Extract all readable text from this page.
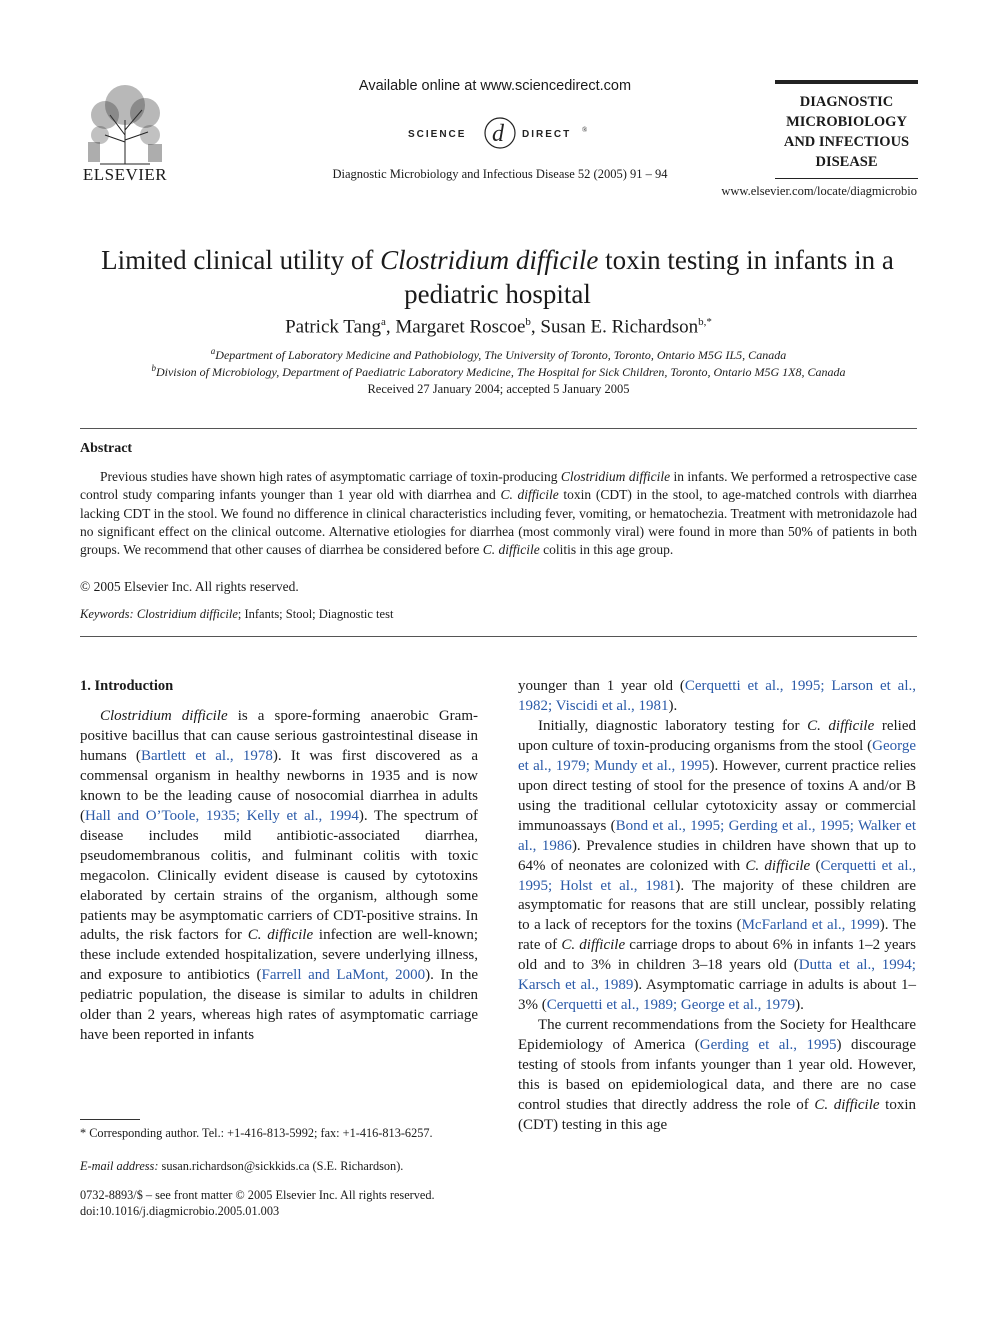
ELSEVIER
Available online at www.sciencedirect.com
SCIENCE d DIRECT ®
Diagnostic Microbiology and Infectious Disease 52 (2005) 91 – 94
DIAGNOSTIC MICROBIOLOGY AND INFECTIOUS DISEASE
www.elsevier.com/locate/diagmicrobio
Limited clinical utility of Clostridium difficile toxin testing in infants in a pediatric hospital
Patrick Tang$^a$, Margaret Roscoe$^b$, Susan E. Richardson$^{b,*}$
$^a$Department of Laboratory Medicine and Pathobiology, The University of Toronto, Toronto, Ontario M5G IL5, Canada
$^b$Division of Microbiology, Department of Paediatric Laboratory Medicine, The Hospital for Sick Children, Toronto, Ontario M5G 1X8, Canada
Received 27 January 2004; accepted 5 January 2005
Abstract
Previous studies have shown high rates of asymptomatic carriage of toxin-producing Clostridium difficile in infants. We performed a retrospective case control study comparing infants younger than 1 year old with diarrhea and C. difficile toxin (CDT) in the stool, to age-matched controls with diarrhea lacking CDT in the stool. We found no difference in clinical characteristics including fever, vomiting, or hematochezia. Treatment with metronidazole had no significant effect on the clinical outcome. Alternative etiologies for diarrhea (most commonly viral) were found in more than 50% of patients in both groups. We recommend that other causes of diarrhea be considered before C. difficile colitis in this age group.
© 2005 Elsevier Inc. All rights reserved.
Keywords: Clostridium difficile; Infants; Stool; Diagnostic test
1. Introduction

Clostridium difficile is a spore-forming anaerobic Gram-positive bacillus that can cause serious gastrointestinal disease in humans (Bartlett et al., 1978). It was first discovered as a commensal organism in healthy newborns in 1935 and is now known to be the leading cause of nosocomial diarrhea in adults (Hall and O’Toole, 1935; Kelly et al., 1994). The spectrum of disease includes mild antibiotic-associated diarrhea, pseudomembranous colitis, and fulminant colitis with toxic megacolon. Clinically evident disease is caused by cytotoxins elaborated by certain strains of the organism, although some patients may be asymptomatic carriers of CDT-positive strains. In adults, the risk factors for C. difficile infection are well-known; these include extended hospitalization, severe underlying illness, and exposure to antibiotics (Farrell and LaMont, 2000). In the pediatric population, the disease is similar to adults in children older than 2 years, whereas high rates of asymptomatic carriage have been reported in infants

younger than 1 year old (Cerquetti et al., 1995; Larson et al., 1982; Viscidi et al., 1981).

Initially, diagnostic laboratory testing for C. difficile relied upon culture of toxin-producing organisms from the stool (George et al., 1979; Mundy et al., 1995). However, current practice relies upon direct testing of stool for the presence of toxins A and/or B using the traditional cellular cytotoxicity assay or commercial immunoassays (Bond et al., 1995; Gerding et al., 1995; Walker et al., 1986). Prevalence studies in children have shown that up to 64% of neonates are colonized with C. difficile (Cerquetti et al., 1995; Holst et al., 1981). The majority of these children are asymptomatic for reasons that are still unclear, possibly relating to a lack of receptors for the toxins (McFarland et al., 1999). The rate of C. difficile carriage drops to about 6% in infants 1–2 years old and to 3% in children 3–18 years old (Dutta et al., 1994; Karsch et al., 1989). Asymptomatic carriage in adults is about 1–3% (Cerquetti et al., 1989; George et al., 1979).

The current recommendations from the Society for Healthcare Epidemiology of America (Gerding et al., 1995) discourage testing of stools from infants younger than 1 year old. However, this is based on epidemiological data, and there are no case control studies that directly address the role of C. difficile toxin (CDT) testing in this age

* Corresponding author. Tel.: +1-416-813-5992; fax: +1-416-813-6257.
E-mail address: susan.richardson@sickkids.ca (S.E. Richardson).
0732-8893/$ – see front matter © 2005 Elsevier Inc. All rights reserved.
doi:10.1016/j.diagmicrobio.2005.01.003
